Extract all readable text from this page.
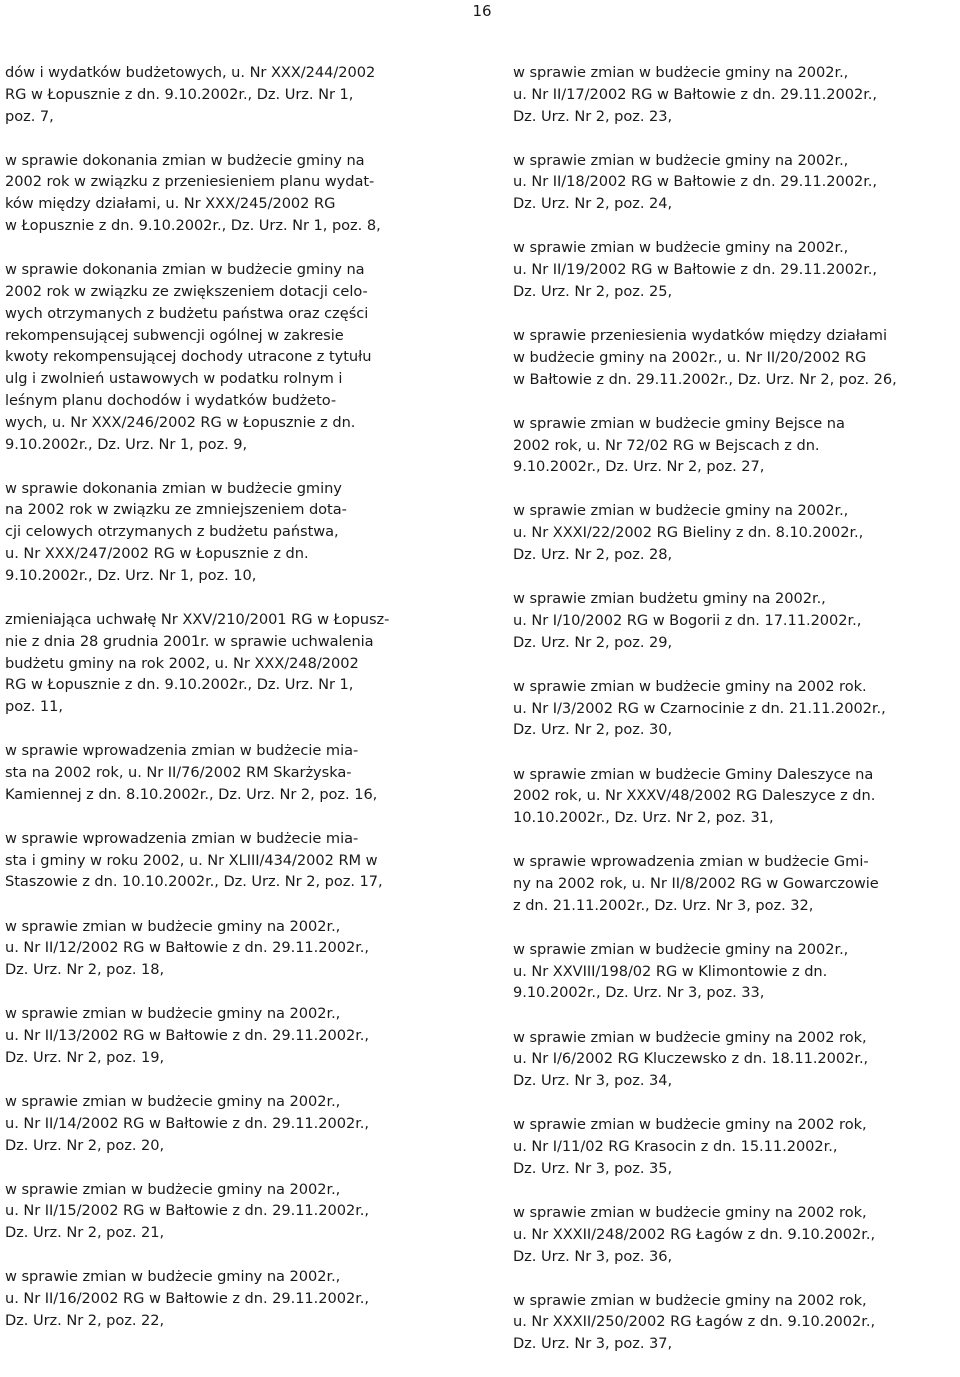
16

dów i wydatków budżetowych, u. Nr XXX/244/2002
RG w Łopusznie z dn. 9.10.2002r., Dz. Urz. Nr 1,
poz. 7,

w sprawie dokonania zmian w budżecie gminy na
2002 rok w związku z przeniesieniem planu wydat-
ków między działami, u. Nr XXX/245/2002 RG
w Łopusznie z dn. 9.10.2002r., Dz. Urz. Nr 1, poz. 8,

w sprawie dokonania zmian w budżecie gminy na
2002 rok w związku ze zwiększeniem dotacji celo-
wych otrzymanych z budżetu państwa oraz części
rekompensującej subwencji ogólnej w zakresie
kwoty rekompensującej dochody utracone z tytułu
ulg i zwolnień ustawowych w podatku rolnym i
leśnym planu dochodów i wydatków budżeto-
wych, u. Nr XXX/246/2002 RG w Łopusznie z dn.
9.10.2002r., Dz. Urz. Nr 1, poz. 9,

w sprawie dokonania zmian w budżecie gminy
na 2002 rok w związku ze zmniejszeniem dota-
cji celowych otrzymanych z budżetu państwa,
u. Nr XXX/247/2002 RG w Łopusznie z dn.
9.10.2002r., Dz. Urz. Nr 1, poz. 10,

zmieniająca uchwałę Nr XXV/210/2001 RG w Łopusz-
nie z dnia 28 grudnia 2001r. w sprawie uchwalenia
budżetu gminy na rok 2002, u. Nr XXX/248/2002
RG w Łopusznie z dn. 9.10.2002r., Dz. Urz. Nr 1,
poz. 11,

w sprawie wprowadzenia zmian w budżecie mia-
sta na 2002 rok, u. Nr II/76/2002 RM Skarżyska-
Kamiennej z dn. 8.10.2002r., Dz. Urz. Nr 2, poz. 16,

w sprawie wprowadzenia zmian w budżecie mia-
sta i gminy w roku 2002, u. Nr XLIII/434/2002 RM w
Staszowie z dn. 10.10.2002r., Dz. Urz. Nr 2, poz. 17,

w sprawie zmian w budżecie gminy na 2002r.,
u. Nr II/12/2002 RG w Bałtowie z dn. 29.11.2002r.,
Dz. Urz. Nr 2, poz. 18,

w sprawie zmian w budżecie gminy na 2002r.,
u. Nr II/13/2002 RG w Bałtowie z dn. 29.11.2002r.,
Dz. Urz. Nr 2, poz. 19,

w sprawie zmian w budżecie gminy na 2002r.,
u. Nr II/14/2002 RG w Bałtowie z dn. 29.11.2002r.,
Dz. Urz. Nr 2, poz. 20,

w sprawie zmian w budżecie gminy na 2002r.,
u. Nr II/15/2002 RG w Bałtowie z dn. 29.11.2002r.,
Dz. Urz. Nr 2, poz. 21,

w sprawie zmian w budżecie gminy na 2002r.,
u. Nr II/16/2002 RG w Bałtowie z dn. 29.11.2002r.,
Dz. Urz. Nr 2, poz. 22,

w sprawie zmian w budżecie gminy na 2002r.,
u. Nr II/17/2002 RG w Bałtowie z dn. 29.11.2002r.,
Dz. Urz. Nr 2, poz. 23,

w sprawie zmian w budżecie gminy na 2002r.,
u. Nr II/18/2002 RG w Bałtowie z dn. 29.11.2002r.,
Dz. Urz. Nr 2, poz. 24,

w sprawie zmian w budżecie gminy na 2002r.,
u. Nr II/19/2002 RG w Bałtowie z dn. 29.11.2002r.,
Dz. Urz. Nr 2, poz. 25,

w sprawie przeniesienia wydatków między działami
w budżecie gminy na 2002r., u. Nr II/20/2002 RG
w Bałtowie z dn. 29.11.2002r., Dz. Urz. Nr 2, poz. 26,

w sprawie zmian w budżecie gminy Bejsce na
2002 rok, u. Nr 72/02 RG w Bejscach z dn.
9.10.2002r., Dz. Urz. Nr 2, poz. 27,

w sprawie zmian w budżecie gminy na 2002r.,
u. Nr XXXI/22/2002 RG Bieliny z dn. 8.10.2002r.,
Dz. Urz. Nr 2, poz. 28,

w sprawie zmian budżetu gminy na 2002r.,
u. Nr I/10/2002 RG w Bogorii z dn. 17.11.2002r.,
Dz. Urz. Nr 2, poz. 29,

w sprawie zmian w budżecie gminy na 2002 rok.
u. Nr I/3/2002 RG w Czarnocinie z dn. 21.11.2002r.,
Dz. Urz. Nr 2, poz. 30,

w sprawie zmian w budżecie Gminy Daleszyce na
2002 rok, u. Nr XXXV/48/2002 RG Daleszyce z dn.
10.10.2002r., Dz. Urz. Nr 2, poz. 31,

w sprawie wprowadzenia zmian w budżecie Gmi-
ny na 2002 rok, u. Nr II/8/2002 RG w Gowarczowie
z dn. 21.11.2002r., Dz. Urz. Nr 3, poz. 32,

w sprawie zmian w budżecie gminy na 2002r.,
u. Nr XXVIII/198/02 RG w Klimontowie z dn.
9.10.2002r., Dz. Urz. Nr 3, poz. 33,

w sprawie zmian w budżecie gminy na 2002 rok,
u. Nr I/6/2002 RG Kluczewsko z dn. 18.11.2002r.,
Dz. Urz. Nr 3, poz. 34,

w sprawie zmian w budżecie gminy na 2002 rok,
u. Nr I/11/02 RG Krasocin z dn. 15.11.2002r.,
Dz. Urz. Nr 3, poz. 35,

w sprawie zmian w budżecie gminy na 2002 rok,
u. Nr XXXII/248/2002 RG Łagów z dn. 9.10.2002r.,
Dz. Urz. Nr 3, poz. 36,

w sprawie zmian w budżecie gminy na 2002 rok,
u. Nr XXXII/250/2002 RG Łagów z dn. 9.10.2002r.,
Dz. Urz. Nr 3, poz. 37,
